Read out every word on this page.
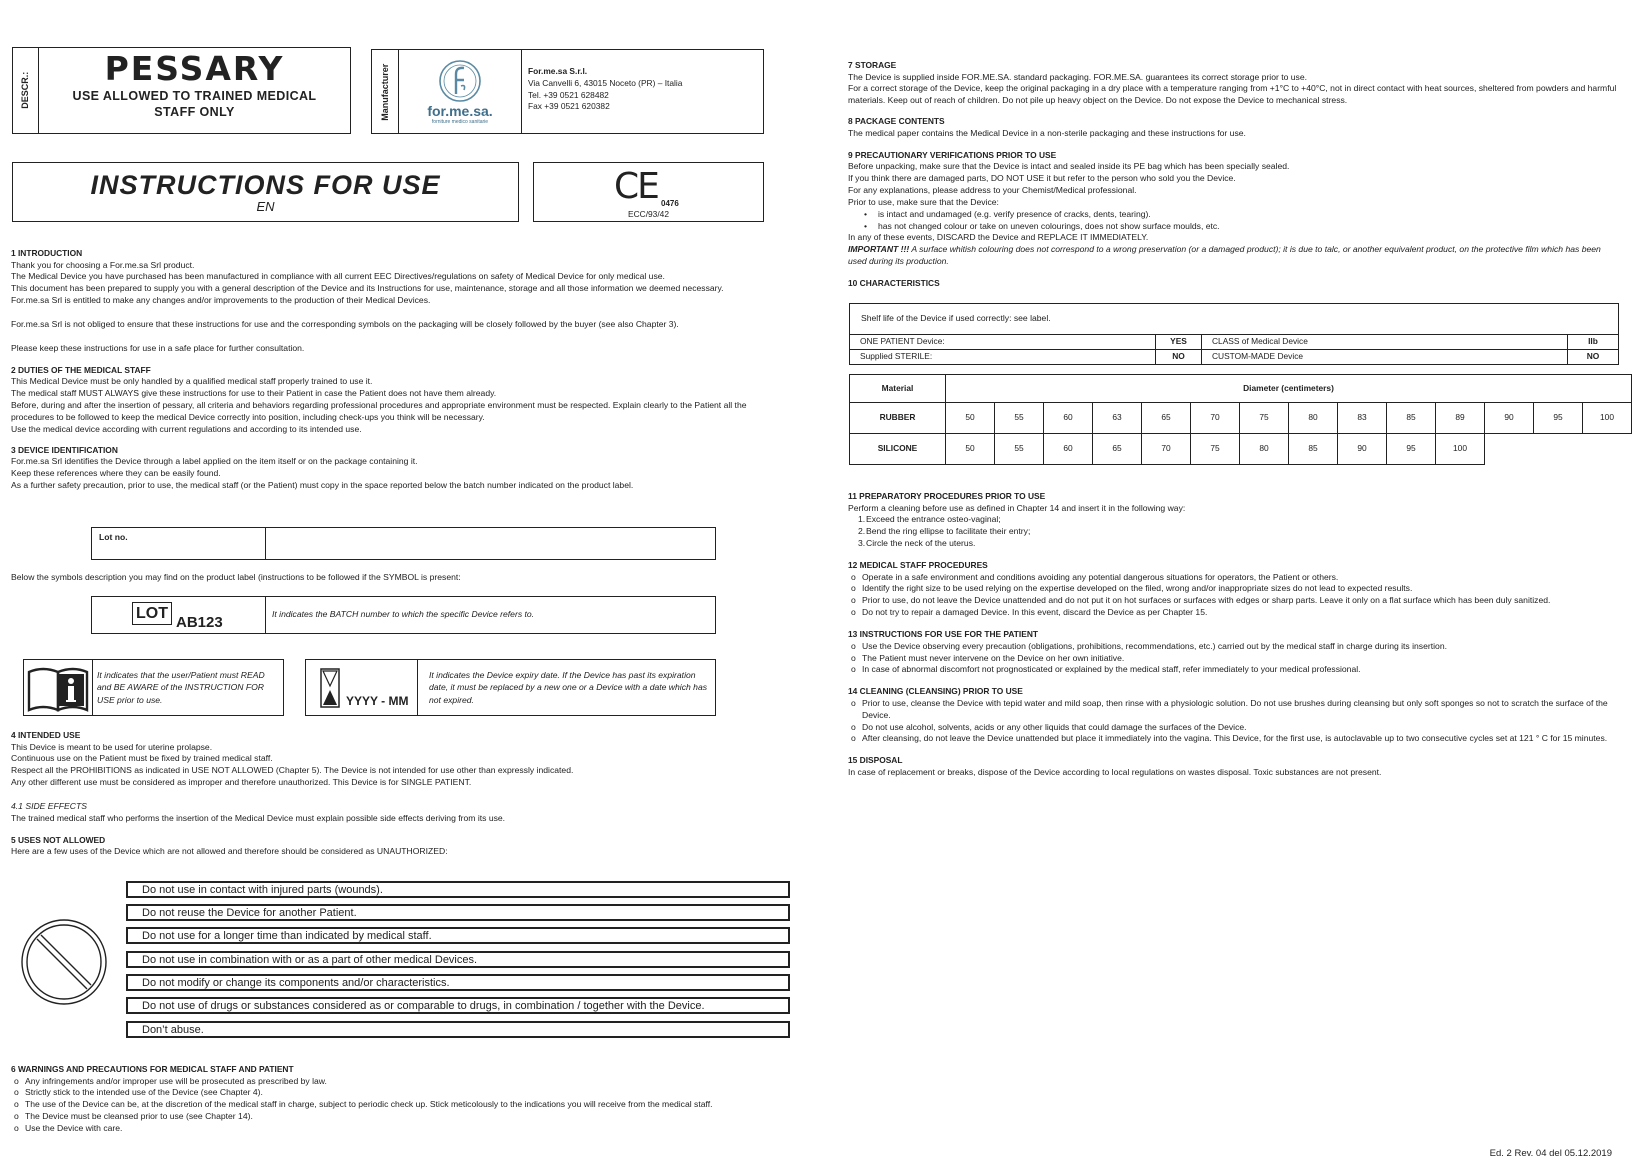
DESCR.:
PESSARY
USE ALLOWED TO TRAINED MEDICAL
STAFF ONLY	Manufacturer	for.me.sa.
forniture medico sanitarie
For.me.sa S.r.l.
Via Canvelli 6, 43015 Noceto (PR) – Italia
Tel. +39 0521 628482
Fax +39 0521 620382
INSTRUCTIONS FOR USE
EN	CE 0476
ECC/93/42
1 INTRODUCTION

Thank you for choosing a For.me.sa Srl product.

The Medical Device you have purchased has been manufactured in compliance with all current EEC Directives/regulations on safety of Medical Device for only medical use.

This document has been prepared to supply you with a general description of the Device and its Instructions for use, maintenance, storage and all those information we deemed necessary.

For.me.sa Srl is entitled to make any changes and/or improvements to the production of their Medical Devices.

For.me.sa Srl is not obliged to ensure that these instructions for use and the corresponding symbols on the packaging will be closely followed by the buyer (see also Chapter 3).

Please keep these instructions for use in a safe place for further consultation.

2 DUTIES OF THE MEDICAL STAFF

This Medical Device must be only handled by a qualified medical staff properly trained to use it.

The medical staff MUST ALWAYS give these instructions for use to their Patient in case the Patient does not have them already.

Before, during and after the insertion of pessary, all criteria and behaviors regarding professional procedures and appropriate environment must be respected. Explain clearly to the Patient all the procedures to be followed to keep the medical Device correctly into position, including check-ups you think will be necessary.

Use the medical device according with current regulations and according to its intended use.

3 DEVICE IDENTIFICATION

For.me.sa Srl identifies the Device through a label applied on the item itself or on the package containing it.

Keep these references where they can be easily found.

As a further safety precaution, prior to use, the medical staff (or the Patient) must copy in the space reported below the batch number indicated on the product label.

Lot no.

Below the symbols description you may find on the product label (instructions to be followed if the SYMBOL is present:

LOT
AB123	It indicates the BATCH number to which the specific Device refers to.
It indicates that the user/Patient must READ and BE AWARE of the INSTRUCTION FOR USE prior to use.	YYYY - MM
It indicates the Device expiry date. If the Device has past its expiration date, it must be replaced by a new one or a Device with a date which has not expired.
4 INTENDED USE

This Device is meant to be used for uterine prolapse.

Continuous use on the Patient must be fixed by trained medical staff.

Respect all the PROHIBITIONS as indicated in USE NOT ALLOWED (Chapter 5). The Device is not intended for use other than expressly indicated.

Any other different use must be considered as improper and therefore unauthorized. This Device is for SINGLE PATIENT.

4.1 SIDE EFFECTS

The trained medical staff who performs the insertion of the Medical Device must explain possible side effects deriving from its use.

5 USES NOT ALLOWED

Here are a few uses of the Device which are not allowed and therefore should be considered as UNAUTHORIZED:

Do not use in contact with injured parts (wounds).
Do not reuse the Device for another Patient.
Do not use for a longer time than indicated by medical staff.
Do not use in combination with or as a part of other medical Devices.
Do not modify or change its components and/or characteristics.
Do not use of drugs or substances considered as or comparable to drugs, in combination / together with the Device.
Don’t abuse.
6 WARNINGS AND PRECAUTIONS FOR MEDICAL STAFF AND PATIENT
o Any infringements and/or improper use will be prosecuted as prescribed by law.
o Strictly stick to the intended use of the Device (see Chapter 4).
o The use of the Device can be, at the discretion of the medical staff in charge, subject to periodic check up. Stick meticolously to the indications you will receive from the medical staff.
o The Device must be cleansed prior to use (see Chapter 14).
o Use the Device with care.
7 STORAGE

The Device is supplied inside FOR.ME.SA. standard packaging. FOR.ME.SA. guarantees its correct storage prior to use.

For a correct storage of the Device, keep the original packaging in a dry place with a temperature ranging from +1°C to +40°C, not in direct contact with heat sources, sheltered from powders and harmful materials. Keep out of reach of children. Do not pile up heavy object on the Device. Do not expose the Device to mechanical stress.

8 PACKAGE CONTENTS

The medical paper contains the Medical Device in a non-sterile packaging and these instructions for use.

9 PRECAUTIONARY VERIFICATIONS PRIOR TO USE

Before unpacking, make sure that the Device is intact and sealed inside its PE bag which has been specially sealed.

If you think there are damaged parts, DO NOT USE it but refer to the person who sold you the Device.

For any explanations, please address to your Chemist/Medical professional.

Prior to use, make sure that the Device:

• is intact and undamaged (e.g. verify presence of cracks, dents, tearing).
• has not changed colour or take on uneven colourings, does not show surface moulds, etc.

In any of these events, DISCARD the Device and REPLACE IT IMMEDIATELY.

IMPORTANT !!! A surface whitish colouring does not correspond to a wrong preservation (or a damaged product); it is due to talc, or another equivalent product, on the protective film which has been used during its production.

10 CHARACTERISTICS
Shelf life of the Device if used correctly: see label.
ONE PATIENT Device:	YES	CLASS of Medical Device	IIb
Supplied STERILE:	NO	CUSTOM-MADE Device	NO
Material	Diameter (centimeters)													
RUBBER	50	55	60	63	65	70	75	80	83	85	89	90	95	100
SILICONE	50	55	60	65	70	75	80	85	90	95	100			
11 PREPARATORY PROCEDURES PRIOR TO USE

Perform a cleaning before use as defined in Chapter 14 and insert it in the following way:

1. Exceed the entrance osteo-vaginal;
2. Bend the ring ellipse to facilitate their entry;
3. Circle the neck of the uterus.
12 MEDICAL STAFF PROCEDURES
o Operate in a safe environment and conditions avoiding any potential dangerous situations for operators, the Patient or others.
o Identify the right size to be used relying on the expertise developed on the filed, wrong and/or inappropriate sizes do not lead to expected results.
o Prior to use, do not leave the Device unattended and do not put it on hot surfaces or surfaces with edges or sharp parts. Leave it only on a flat surface which has been duly sanitized.
o Do not try to repair a damaged Device. In this event, discard the Device as per Chapter 15.
13 INSTRUCTIONS FOR USE FOR THE PATIENT
o Use the Device observing every precaution (obligations, prohibitions, recommendations, etc.) carried out by the medical staff in charge during its insertion.
o The Patient must never intervene on the Device on her own initiative.
o In case of abnormal discomfort not prognosticated or explained by the medical staff, refer immediately to your medical professional.
14 CLEANING (CLEANSING) PRIOR TO USE
o Prior to use, cleanse the Device with tepid water and mild soap, then rinse with a physiologic solution. Do not use brushes during cleansing but only soft sponges so not to scratch the surface of the Device.
o Do not use alcohol, solvents, acids or any other liquids that could damage the surfaces of the Device.
o After cleansing, do not leave the Device unattended but place it immediately into the vagina. This Device, for the first use, is autoclavable up to two consecutive cycles set at 121 ° C for 15 minutes.
15 DISPOSAL

In case of replacement or breaks, dispose of the Device according to local regulations on wastes disposal. Toxic substances are not present.

Ed. 2 Rev. 04 del 05.12.2019
